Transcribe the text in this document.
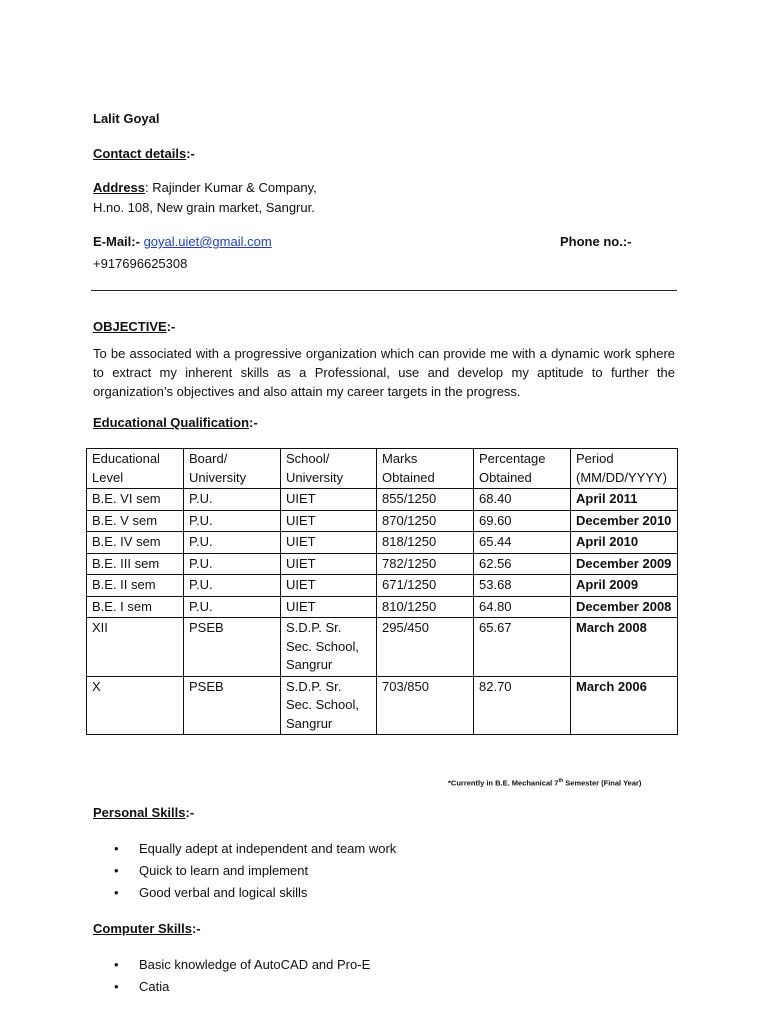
Lalit Goyal
Contact details:-
Address: Rajinder Kumar & Company,
H.no. 108, New grain market, Sangrur.
E-Mail:- goyal.uiet@gmail.com	Phone no.:-
+917696625308
OBJECTIVE:-
To be associated with a progressive organization which can provide me with a dynamic work sphere to extract my inherent skills as a Professional, use and develop my aptitude to further the organization’s objectives and also attain my career targets in the progress.
Educational Qualification:-
Educational Level	Board/ University	School/ University	Marks Obtained	Percentage Obtained	Period (MM/DD/YYYY)
B.E. VI sem	P.U.	UIET	855/1250	68.40	April 2011
B.E. V sem	P.U.	UIET	870/1250	69.60	December 2010
B.E. IV sem	P.U.	UIET	818/1250	65.44	April 2010
B.E. III sem	P.U.	UIET	782/1250	62.56	December 2009
B.E. II sem	P.U.	UIET	671/1250	53.68	April 2009
B.E. I sem	P.U.	UIET	810/1250	64.80	December 2008
XII	PSEB	S.D.P. Sr. Sec. School, Sangrur	295/450	65.67	March 2008
X	PSEB	S.D.P. Sr. Sec. School, Sangrur	703/850	82.70	March 2006
*Currently in B.E. Mechanical 7th Semester (Final Year)
Personal Skills:-
• Equally adept at independent and team work
• Quick to learn and implement
• Good verbal and logical skills
Computer Skills:-
• Basic knowledge of AutoCAD and Pro-E
• Catia
